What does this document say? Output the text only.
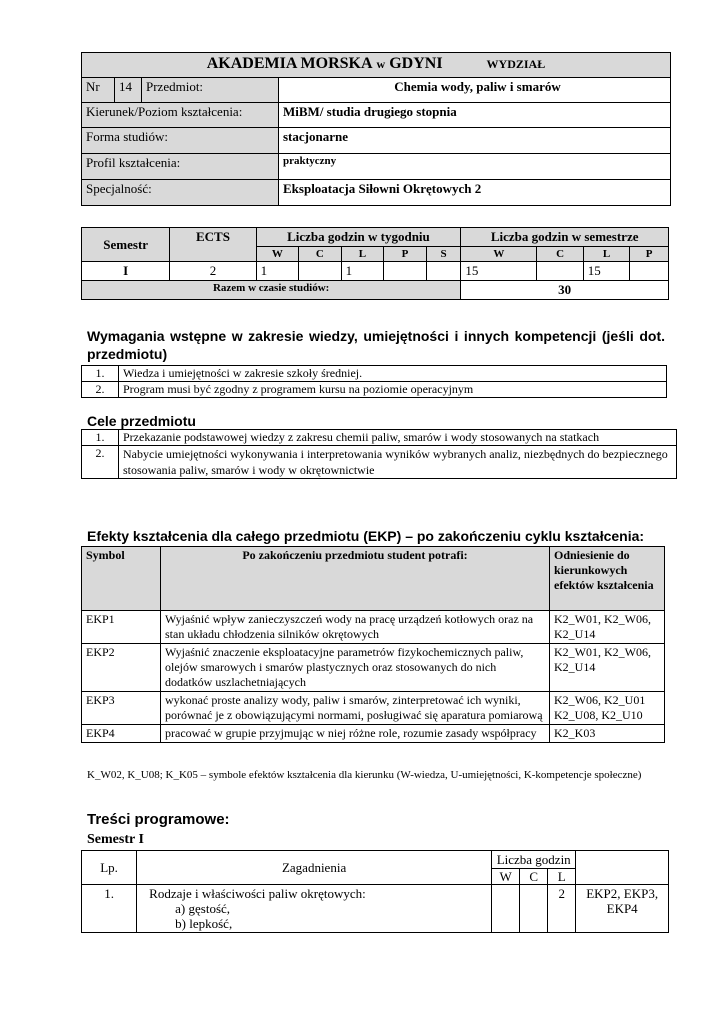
AKADEMIA MORSKA w GDYNI WYDZIAŁ			
Nr	14	Przedmiot:	Chemia wody, paliw i smarów
Kierunek/Poziom kształcenia:			MiBM/ studia drugiego stopnia
Forma studiów:			stacjonarne
Profil kształcenia:			praktyczny
Specjalność:			Eksploatacja Siłowni Okrętowych 2
Semestr	ECTS	Liczba godzin w tygodniu					Liczba godzin w semestrze			
		W	C	L	P	S	W	C	L	P
I	2	1		1			15		15	
Razem w czasie studiów:							30			
Wymagania wstępne w zakresie wiedzy, umiejętności i innych kompetencji (jeśli dot. przedmiotu)
1.	Wiedza i umiejętności w zakresie szkoły średniej.
2.	Program musi być zgodny z programem kursu na poziomie operacyjnym
Cele przedmiotu
1.	Przekazanie podstawowej wiedzy z zakresu chemii paliw, smarów i wody stosowanych na statkach
2.	Nabycie umiejętności wykonywania i interpretowania wyników wybranych analiz, niezbędnych do bezpiecznego stosowania paliw, smarów i wody w okrętownictwie
Efekty kształcenia dla całego przedmiotu (EKP) – po zakończeniu cyklu kształcenia:
Symbol	Po zakończeniu przedmiotu student potrafi:	Odniesienie do kierunkowych efektów kształcenia
EKP1	Wyjaśnić wpływ zanieczyszczeń wody na pracę urządzeń kotłowych oraz na stan układu chłodzenia silników okrętowych	K2_W01, K2_W06, K2_U14
EKP2	Wyjaśnić znaczenie eksploatacyjne parametrów fizykochemicznych paliw, olejów smarowych i smarów plastycznych oraz stosowanych do nich dodatków uszlachetniających	K2_W01, K2_W06, K2_U14
EKP3	wykonać proste analizy wody, paliw i smarów, zinterpretować ich wyniki, porównać je z obowiązującymi normami, posługiwać się aparatura pomiarową	K2_W06, K2_U01 K2_U08, K2_U10
EKP4	pracować w grupie przyjmując w niej różne role, rozumie zasady współpracy	K2_K03
K_W02, K_U08; K_K05 – symbole efektów kształcenia dla kierunku (W-wiedza, U-umiejętności, K-kompetencje społeczne)
Treści programowe:
Semestr I
Lp.	Zagadnienia	Liczba godzin			
		W	C	L	
1.	Rodzaje i właściwości paliw okrętowych:
a) gęstość,
b) lepkość,			2	EKP2, EKP3, EKP4
